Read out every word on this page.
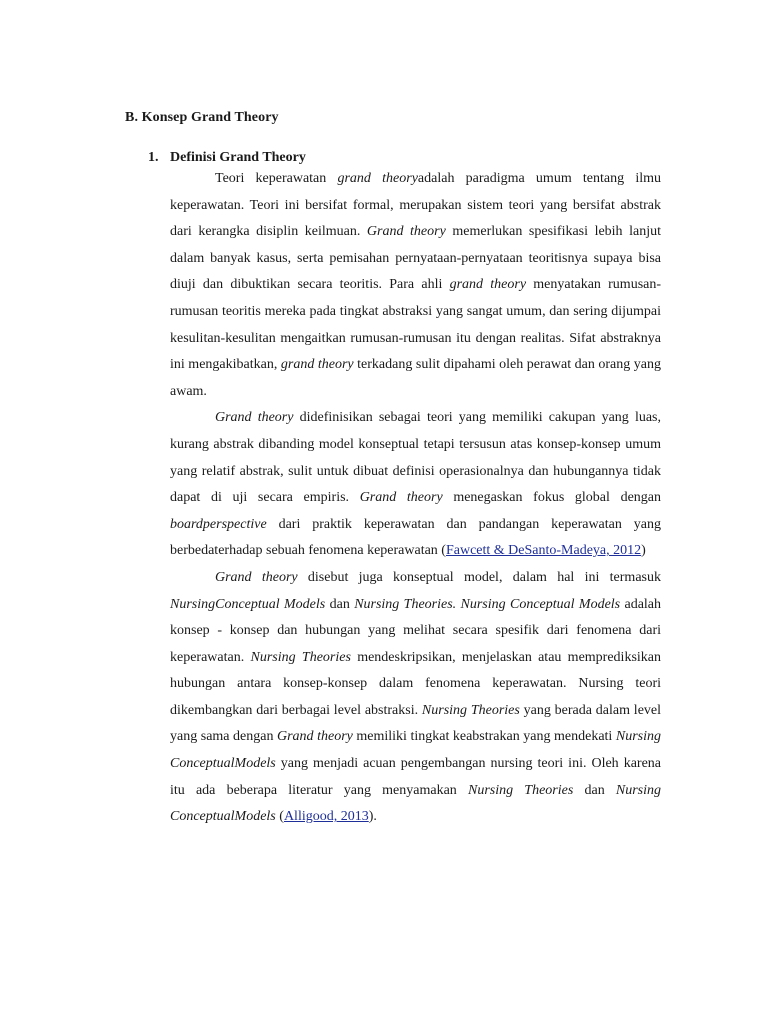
B. Konsep Grand Theory
1. Definisi Grand Theory

Teori keperawatan grand theoryadalah paradigma umum tentang ilmu keperawatan. Teori ini bersifat formal, merupakan sistem teori yang bersifat abstrak dari kerangka disiplin keilmuan. Grand theory memerlukan spesifikasi lebih lanjut dalam banyak kasus, serta pemisahan pernyataan-pernyataan teoritisnya supaya bisa diuji dan dibuktikan secara teoritis. Para ahli grand theory menyatakan rumusan-rumusan teoritis mereka pada tingkat abstraksi yang sangat umum, dan sering dijumpai kesulitan-kesulitan mengaitkan rumusan-rumusan itu dengan realitas. Sifat abstraknya ini mengakibatkan, grand theory terkadang sulit dipahami oleh perawat dan orang yang awam.

Grand theory didefinisikan sebagai teori yang memiliki cakupan yang luas, kurang abstrak dibanding model konseptual tetapi tersusun atas konsep-konsep umum yang relatif abstrak, sulit untuk dibuat definisi operasionalnya dan hubungannya tidak dapat di uji secara empiris. Grand theory menegaskan fokus global dengan boardperspective dari praktik keperawatan dan pandangan keperawatan yang berbedaterhadap sebuah fenomena keperawatan (Fawcett & DeSanto-Madeya, 2012)

Grand theory disebut juga konseptual model, dalam hal ini termasuk NursingConceptual Models dan Nursing Theories. Nursing Conceptual Models adalah konsep - konsep dan hubungan yang melihat secara spesifik dari fenomena dari keperawatan. Nursing Theories mendeskripsikan, menjelaskan atau memprediksikan hubungan antara konsep-konsep dalam fenomena keperawatan. Nursing teori dikembangkan dari berbagai level abstraksi. Nursing Theories yang berada dalam level yang sama dengan Grand theory memiliki tingkat keabstrakan yang mendekati Nursing ConceptualModels yang menjadi acuan pengembangan nursing teori ini. Oleh karena itu ada beberapa literatur yang menyamakan Nursing Theories dan Nursing ConceptualModels (Alligood, 2013).
